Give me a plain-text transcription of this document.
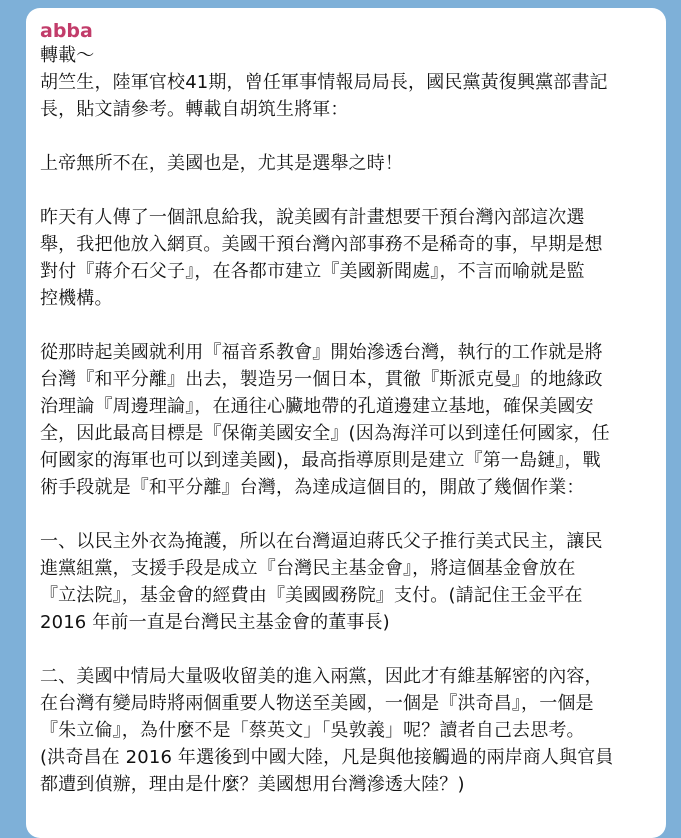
abba
轉載～
胡竺生，陸軍官校41期，曾任軍事情報局局長，國民黨黃復興黨部書記
長，貼文請參考。轉載自胡筑生將軍：
上帝無所不在，美國也是，尤其是選舉之時！
昨天有人傳了一個訊息給我，說美國有計畫想要干預台灣內部這次選
舉，我把他放入網頁。美國干預台灣內部事務不是稀奇的事，早期是想
對付『蔣介石父子』，在各都市建立『美國新聞處』，不言而喻就是監
控機構。
從那時起美國就利用『福音系教會』開始滲透台灣，執行的工作就是將
台灣『和平分離』出去，製造另一個日本，貫徹『斯派克曼』的地緣政
治理論『周邊理論』，在通往心臟地帶的孔道邊建立基地，確保美國安
全，因此最高目標是『保衛美國安全』(因為海洋可以到達任何國家，任
何國家的海軍也可以到達美國)，最高指導原則是建立『第一島鏈』，戰
術手段就是『和平分離』台灣，為達成這個目的，開啟了幾個作業：
一、以民主外衣為掩護，所以在台灣逼迫蔣氏父子推行美式民主，讓民
進黨組黨，支援手段是成立『台灣民主基金會』，將這個基金會放在
『立法院』，基金會的經費由『美國國務院』支付。(請記住王金平在
2016 年前一直是台灣民主基金會的董事長)
二、美國中情局大量吸收留美的進入兩黨，因此才有維基解密的內容，
在台灣有變局時將兩個重要人物送至美國，一個是『洪奇昌』，一個是
『朱立倫』，為什麼不是「蔡英文」「吳敦義」呢？讀者自己去思考。
(洪奇昌在 2016 年選後到中國大陸，凡是與他接觸過的兩岸商人與官員
都遭到偵辦，理由是什麼？美國想用台灣滲透大陸？)
